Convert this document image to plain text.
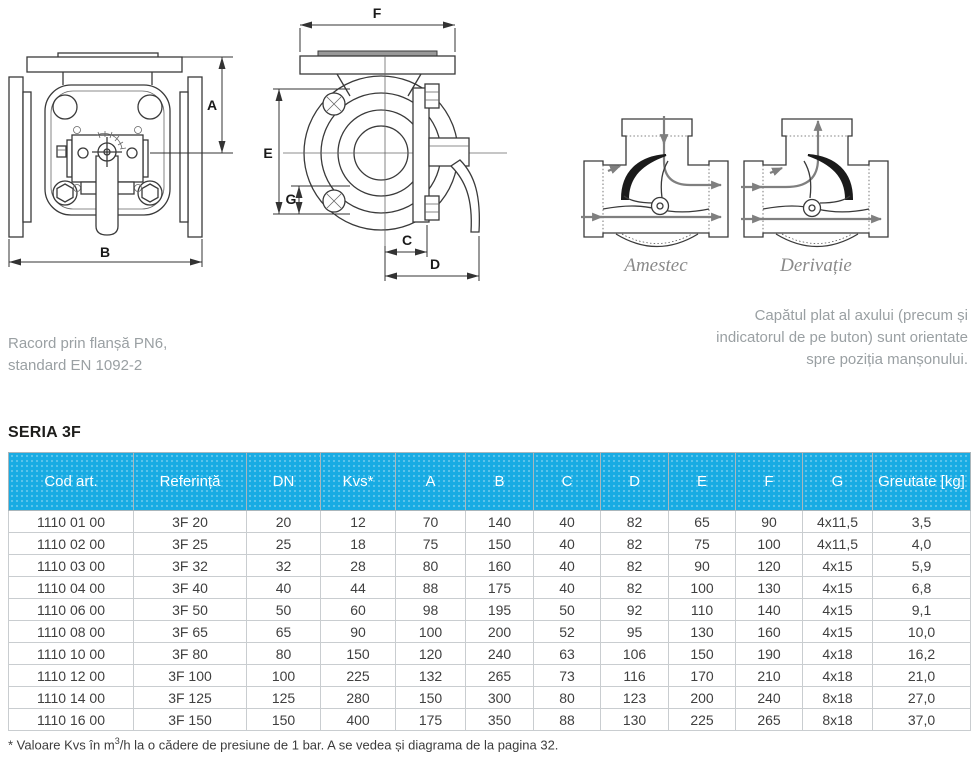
A
B
F
E
G
C
D	Amestec	Derivație
Racord prin flanșă PN6,
standard EN 1092-2
Capătul plat al axului (precum și indicatorul de pe buton) sunt orientate spre poziția manșonului.
SERIA 3F
Cod art.	Referință	DN	Kvs*	A	B	C	D	E	F	G	Greutate [kg]
1110 01 00	3F 20	20	12	70	140	40	82	65	90	4x11,5	3,5
1110 02 00	3F 25	25	18	75	150	40	82	75	100	4x11,5	4,0
1110 03 00	3F 32	32	28	80	160	40	82	90	120	4x15	5,9
1110 04 00	3F 40	40	44	88	175	40	82	100	130	4x15	6,8
1110 06 00	3F 50	50	60	98	195	50	92	110	140	4x15	9,1
1110 08 00	3F 65	65	90	100	200	52	95	130	160	4x15	10,0
1110 10 00	3F 80	80	150	120	240	63	106	150	190	4x18	16,2
1110 12 00	3F 100	100	225	132	265	73	116	170	210	4x18	21,0
1110 14 00	3F 125	125	280	150	300	80	123	200	240	8x18	27,0
1110 16 00	3F 150	150	400	175	350	88	130	225	265	8x18	37,0
* Valoare Kvs în $m^3/h$ la o cădere de presiune de 1 bar. A se vedea și diagrama de la pagina 32.
